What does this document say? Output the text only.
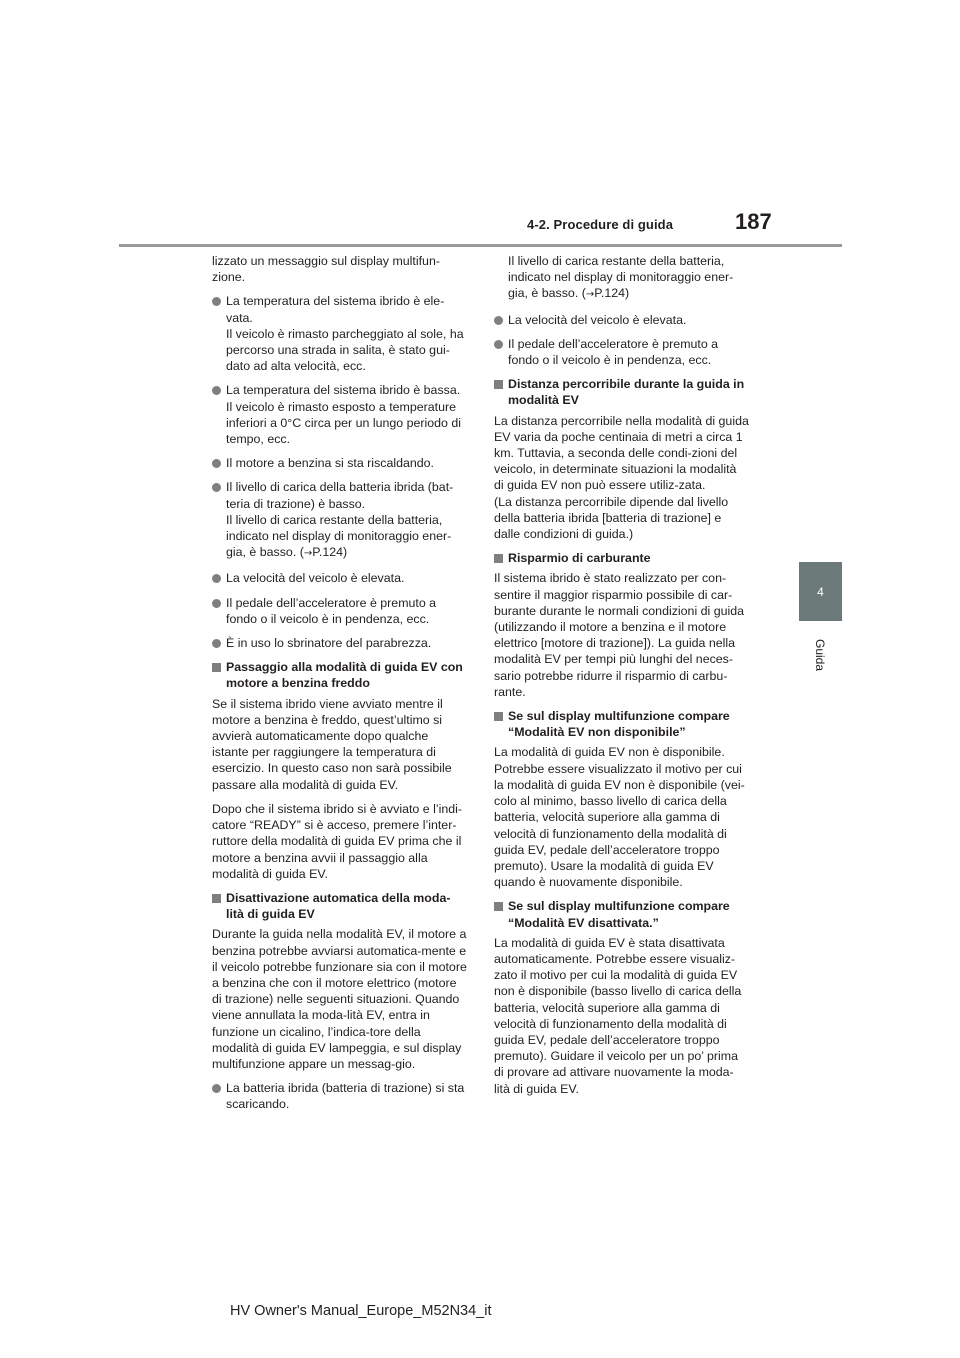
4-2. Procedure di guida	187
4
Guida

lizzato un messaggio sul display multifun-zione.

La temperatura del sistema ibrido è ele-vata.
Il veicolo è rimasto parcheggiato al sole, ha percorso una strada in salita, è stato gui-dato ad alta velocità, ecc.
La temperatura del sistema ibrido è bassa.
Il veicolo è rimasto esposto a temperature inferiori a 0°C circa per un lungo periodo di tempo, ecc.
Il motore a benzina si sta riscaldando.
Il livello di carica della batteria ibrida (bat-teria di trazione) è basso.
Il livello di carica restante della batteria, indicato nel display di monitoraggio ener-gia, è basso. (→P.124)
La velocità del veicolo è elevata.
Il pedale dell’acceleratore è premuto a fondo o il veicolo è in pendenza, ecc.
È in uso lo sbrinatore del parabrezza.
Passaggio alla modalità di guida EV con motore a benzina freddo

Se il sistema ibrido viene avviato mentre il motore a benzina è freddo, quest’ultimo si avvierà automaticamente dopo qualche istante per raggiungere la temperatura di esercizio. In questo caso non sarà possibile passare alla modalità di guida EV.

Dopo che il sistema ibrido si è avviato e l’indi-catore “READY” si è acceso, premere l’inter-ruttore della modalità di guida EV prima che il motore a benzina avvii il passaggio alla modalità di guida EV.

Disattivazione automatica della moda-lità di guida EV

Durante la guida nella modalità EV, il motore a benzina potrebbe avviarsi automatica-mente e il veicolo potrebbe funzionare sia con il motore a benzina che con il motore elettrico (motore di trazione) nelle seguenti situazioni. Quando viene annullata la moda-lità EV, entra in funzione un cicalino, l’indica-tore della modalità di guida EV lampeggia, e sul display multifunzione appare un messag-gio.

La batteria ibrida (batteria di trazione) si sta scaricando.
Il livello di carica restante della batteria, indicato nel display di monitoraggio ener-gia, è basso. (→P.124)
La velocità del veicolo è elevata.
Il pedale dell’acceleratore è premuto a fondo o il veicolo è in pendenza, ecc.
Distanza percorribile durante la guida in modalità EV

La distanza percorribile nella modalità di guida EV varia da poche centinaia di metri a circa 1 km. Tuttavia, a seconda delle condi-zioni del veicolo, in determinate situazioni la modalità di guida EV non può essere utiliz-zata.
(La distanza percorribile dipende dal livello della batteria ibrida [batteria di trazione] e dalle condizioni di guida.)

Risparmio di carburante

Il sistema ibrido è stato realizzato per con-sentire il maggior risparmio possibile di car-burante durante le normali condizioni di guida (utilizzando il motore a benzina e il motore elettrico [motore di trazione]). La guida nella modalità EV per tempi più lunghi del neces-sario potrebbe ridurre il risparmio di carbu-rante.

Se sul display multifunzione compare “Modalità EV non disponibile”

La modalità di guida EV non è disponibile. Potrebbe essere visualizzato il motivo per cui la modalità di guida EV non è disponibile (vei-colo al minimo, basso livello di carica della batteria, velocità superiore alla gamma di velocità di funzionamento della modalità di guida EV, pedale dell’acceleratore troppo premuto). Usare la modalità di guida EV quando è nuovamente disponibile.

Se sul display multifunzione compare “Modalità EV disattivata.”

La modalità di guida EV è stata disattivata automaticamente. Potrebbe essere visualiz-zato il motivo per cui la modalità di guida EV non è disponibile (basso livello di carica della batteria, velocità superiore alla gamma di velocità di funzionamento della modalità di guida EV, pedale dell’acceleratore troppo premuto). Guidare il veicolo per un po’ prima di provare ad attivare nuovamente la moda-lità di guida EV.

HV Owner's Manual_Europe_M52N34_it
